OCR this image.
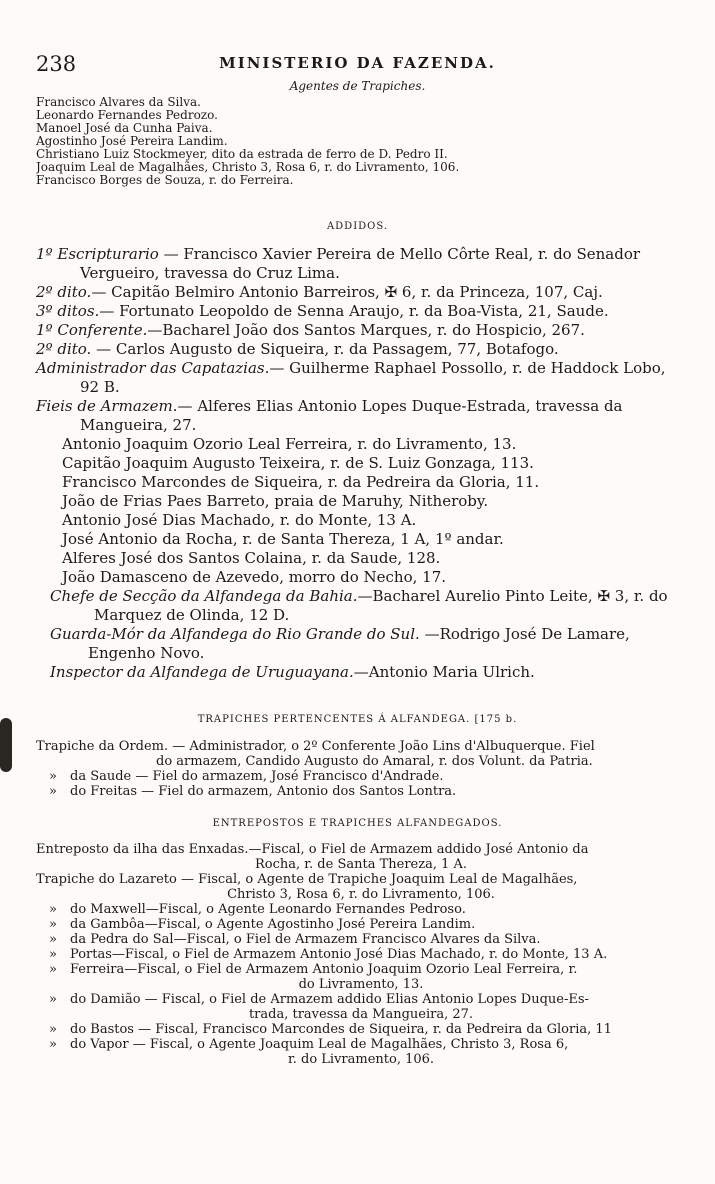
238	MINISTERIO DA FAZENDA.
Agentes de Trapiches.
Francisco Alvares da Silva.
Leonardo Fernandes Pedrozo.
Manoel José da Cunha Paiva.
Agostinho José Pereira Landim.
Christiano Luiz Stockmeyer, dito da estrada de ferro de D. Pedro II.
Joaquim Leal de Magalhães, Christo 3, Rosa 6, r. do Livramento, 106.
Francisco Borges de Souza, r. do Ferreira.
ADDIDOS.
1º Escripturario — Francisco Xavier Pereira de Mello Côrte Real, r. do Senador Vergueiro, travessa do Cruz Lima.
2º dito.— Capitão Belmiro Antonio Barreiros, ✠ 6, r. da Princeza, 107, Caj.
3º ditos.— Fortunato Leopoldo de Senna Araujo, r. da Boa-Vista, 21, Saude.
1º Conferente.—Bacharel João dos Santos Marques, r. do Hospicio, 267.
2º dito. — Carlos Augusto de Siqueira, r. da Passagem, 77, Botafogo.
Administrador das Capatazias.— Guilherme Raphael Possollo, r. de Haddock Lobo, 92 B.
Fieis de Armazem.— Alferes Elias Antonio Lopes Duque-Estrada, travessa da Mangueira, 27.
Antonio Joaquim Ozorio Leal Ferreira, r. do Livramento, 13.
Capitão Joaquim Augusto Teixeira, r. de S. Luiz Gonzaga, 113.
Francisco Marcondes de Siqueira, r. da Pedreira da Gloria, 11.
João de Frias Paes Barreto, praia de Maruhy, Nitheroby.
Antonio José Dias Machado, r. do Monte, 13 A.
José Antonio da Rocha, r. de Santa Thereza, 1 A, 1º andar.
Alferes José dos Santos Colaina, r. da Saude, 128.
João Damasceno de Azevedo, morro do Necho, 17.
Chefe de Secção da Alfandega da Bahia.—Bacharel Aurelio Pinto Leite, ✠ 3, r. do Marquez de Olinda, 12 D.
Guarda-Mór da Alfandega do Rio Grande do Sul. —Rodrigo José De Lamare, Engenho Novo.
Inspector da Alfandega de Uruguayana.—Antonio Maria Ulrich.
TRAPICHES PERTENCENTES Á ALFANDEGA. [175 b.
Trapiche da Ordem. — Administrador, o 2º Conferente João Lins d'Albuquerque. Fiel
do armazem, Candido Augusto do Amaral, r. dos Volunt. da Patria.
» da Saude — Fiel do armazem, José Francisco d'Andrade.
» do Freitas — Fiel do armazem, Antonio dos Santos Lontra.
ENTREPOSTOS E TRAPICHES ALFANDEGADOS.
Entreposto da ilha das Enxadas.—Fiscal, o Fiel de Armazem addido José Antonio da
Rocha, r. de Santa Thereza, 1 A.
Trapiche do Lazareto — Fiscal, o Agente de Trapiche Joaquim Leal de Magalhães,
Christo 3, Rosa 6, r. do Livramento, 106.
» do Maxwell—Fiscal, o Agente Leonardo Fernandes Pedroso.
» da Gambôa—Fiscal, o Agente Agostinho José Pereira Landim.
» da Pedra do Sal—Fiscal, o Fiel de Armazem Francisco Alvares da Silva.
» Portas—Fiscal, o Fiel de Armazem Antonio José Dias Machado, r. do Monte, 13 A.
» Ferreira—Fiscal, o Fiel de Armazem Antonio Joaquim Ozorio Leal Ferreira, r.
do Livramento, 13.
» do Damião — Fiscal, o Fiel de Armazem addido Elias Antonio Lopes Duque-Es-
trada, travessa da Mangueira, 27.
» do Bastos — Fiscal, Francisco Marcondes de Siqueira, r. da Pedreira da Gloria, 11
» do Vapor — Fiscal, o Agente Joaquim Leal de Magalhães, Christo 3, Rosa 6,
r. do Livramento, 106.
